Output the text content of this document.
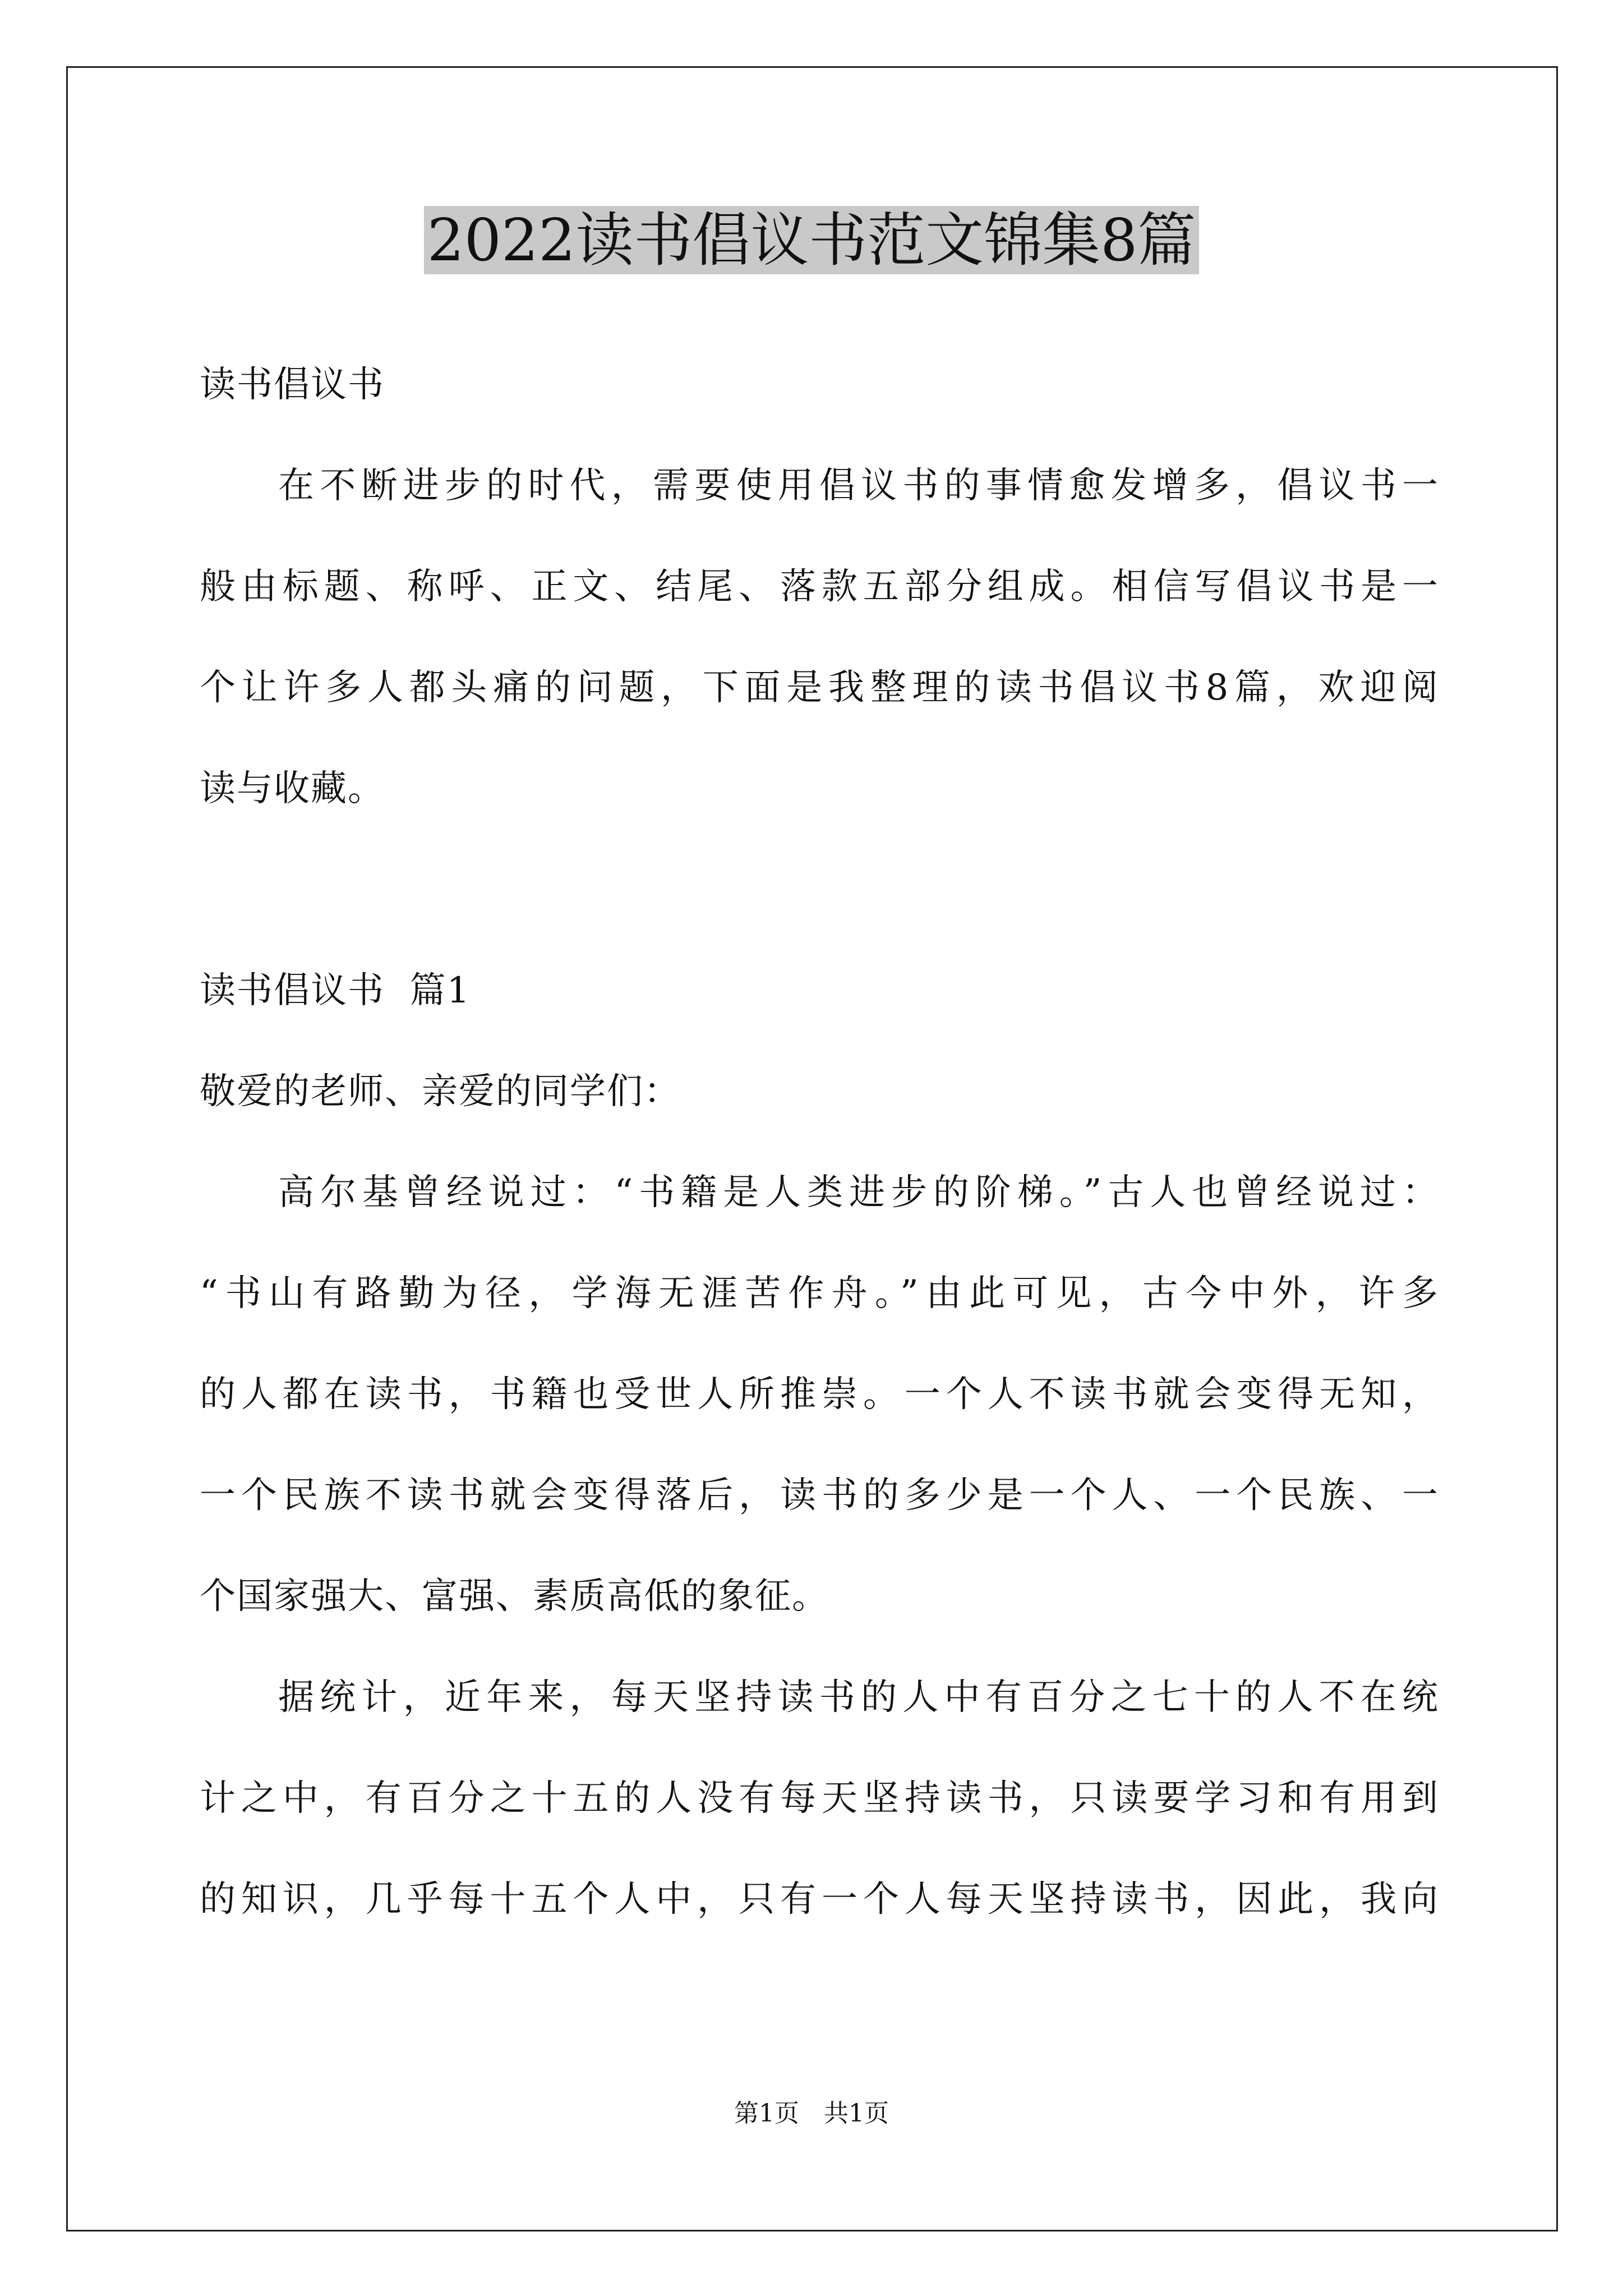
2022读书倡议书范文锦集8篇
读书倡议书
在不断进步的时代，需要使用倡议书的事情愈发增多，倡议书一
般由标题、称呼、正文、结尾、落款五部分组成。相信写倡议书是一
个让许多人都头痛的问题，下面是我整理的读书倡议书8篇，欢迎阅
读与收藏。
读书倡议书  篇1
敬爱的老师、亲爱的同学们：
高尔基曾经说过：“书籍是人类进步的阶梯。”古人也曾经说过：
“书山有路勤为径，学海无涯苦作舟。”由此可见，古今中外，许多
的人都在读书，书籍也受世人所推崇。一个人不读书就会变得无知，
一个民族不读书就会变得落后，读书的多少是一个人、一个民族、一
个国家强大、富强、素质高低的象征。
据统计，近年来，每天坚持读书的人中有百分之七十的人不在统
计之中，有百分之十五的人没有每天坚持读书，只读要学习和有用到
的知识，几乎每十五个人中，只有一个人每天坚持读书，因此，我向
第1页 共1页
